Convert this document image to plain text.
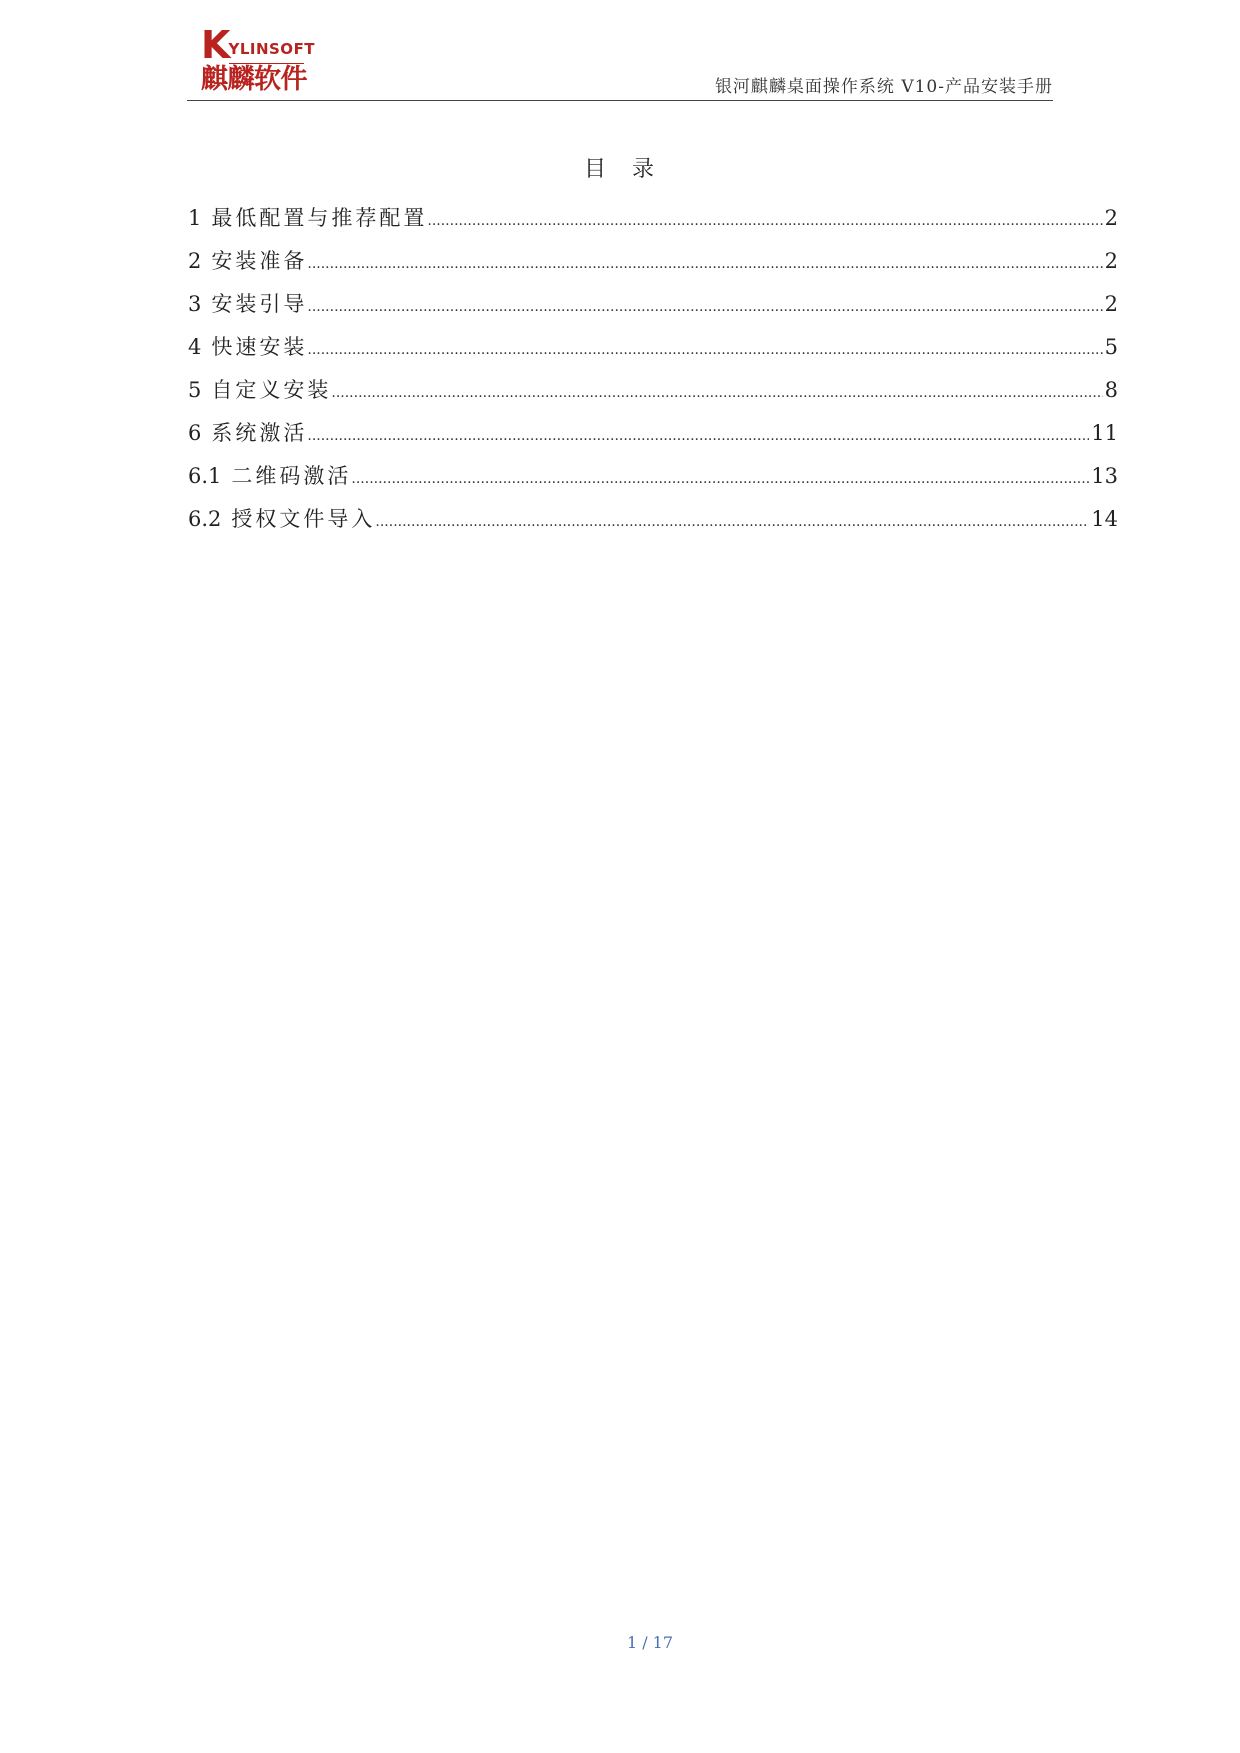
K YLINSOFT
麒麟软件	银河麒麟桌面操作系统 V10-产品安装手册
目　录
1 最低配置与推荐配置 .....	2
2 安装准备 .....	2
3 安装引导 .....	2
4 快速安装 .....	5
5 自定义安装 .....	8
6 系统激活 .....	11
6.1 二维码激活 .....	13
6.2 授权文件导入 .....	14
1 / 17
